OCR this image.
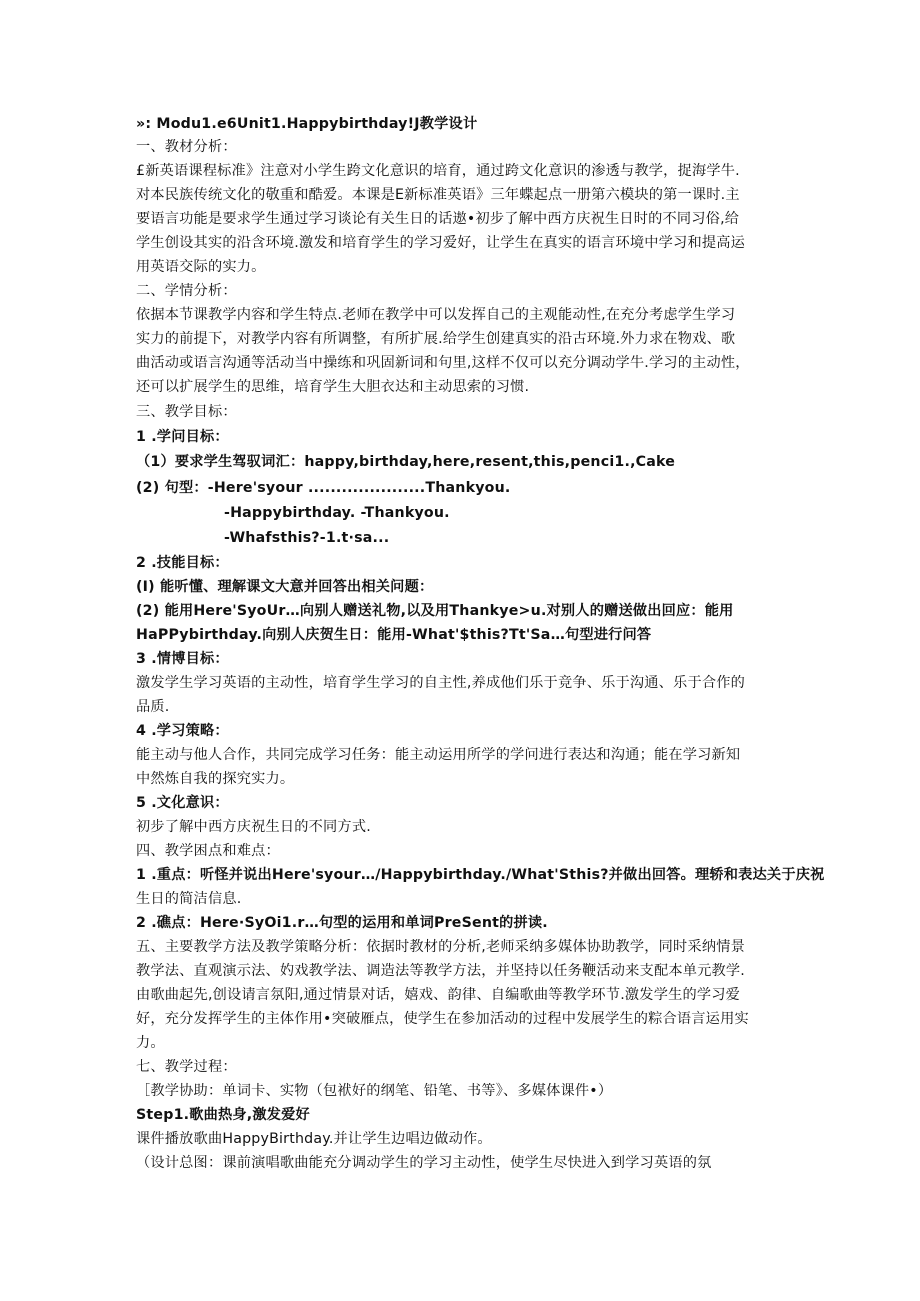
»: Modu1.e6Unit1.Happybirthday!J教学设计
一、教材分析：
£新英语课程标准》注意对小学生跨文化意识的培育，通过跨文化意识的渗透与教学，捉海学牛.
对本民族传统文化的敬重和酷爱。本课是E新标准英语》三年蝶起点一册第六模块的第一课时.主
要语言功能是要求学生通过学习谈论有关生日的话遨•初步了解中西方庆祝生日时的不同习俗,给
学生创设其实的沿含环境.激发和培育学生的学习爱好，让学生在真实的语言环境中学习和提高运
用英语交际的实力。
二、学情分析：
依据本节课教学内容和学生特点.老师在教学中可以发挥自己的主观能动性,在充分考虑学生学习
实力的前提下，对教学内容有所调整，有所扩展.给学生创建真实的沿古环境.外力求在物戏、歌
曲活动或语言沟通等活动当中操练和巩固新词和句里,这样不仅可以充分调动学牛.学习的主动性，
还可以扩展学生的思维，培育学生大胆衣达和主动思索的习惯.
三、教学目标：
1 .学问目标：
（1）要求学生驾驭词汇：happy,birthday,here,resent,this,penci1.,Cake
(2) 句型：-Here'syour .....................Thankyou.
-Happybirthday. -Thankyou.
-Whafsthis?-1.t∙sa...
2 .技能目标：
(I) 能听懂、理解课文大意并回答出相关问题：
(2) 能用Here'SyoUr…向别人赠送礼物,以及用Thankye>u.对别人的赠送做出回应：能用
HaPPybirthday.向别人庆贺生日：能用-What'$this?Tt'Sa…句型进行问答
3 .情博目标：
激发学生学习英语的主动性，培育学生学习的自主性,养成他们乐于竞争、乐于沟通、乐于合作的
品质.
4 .学习策略：
能主动与他人合作，共同完成学习任务：能主动运用所学的学问进行表达和沟通；能在学习新知
中然炼自我的探究实力。
5 .文化意识：
初步了解中西方庆祝生日的不同方式.
四、教学困点和难点：
1 .重点：听怪并说出Here'syour…/Happybirthday./What'Sthis?并做出回答。理轿和表达关于庆祝
生日的简洁信息.
2 .礁点：Here∙SyOi1.r…句型的运用和单词PreSent的拼读.
五、主要教学方法及教学策略分析：依据时教材的分析,老师采纳多媒体协助教学，同时采纳情景
教学法、直观演示法、妁戏教学法、调造法等教学方法，并坚持以任务鞭活动来支配本单元教学.
由歌曲起先,创设请言氛阳,通过情景对话，嬉戏、韵律、自编歌曲等教学环节.激发学生的学习爱
好，充分发挥学生的主体作用•突破雁点，使学生在参加活动的过程中发展学生的粽合语言运用实
力。
七、教学过程：
［教学协助：单词卡、实物（包袱好的纲笔、铅笔、书等》、多媒体课件•）
Step1.歌曲热身,激发爱好
课件播放歌曲HappyBirthday.并让学生边唱边做动作。
（设计总图：课前演唱歌曲能充分调动学生的学习主动性，使学生尽快进入到学习英语的氛
